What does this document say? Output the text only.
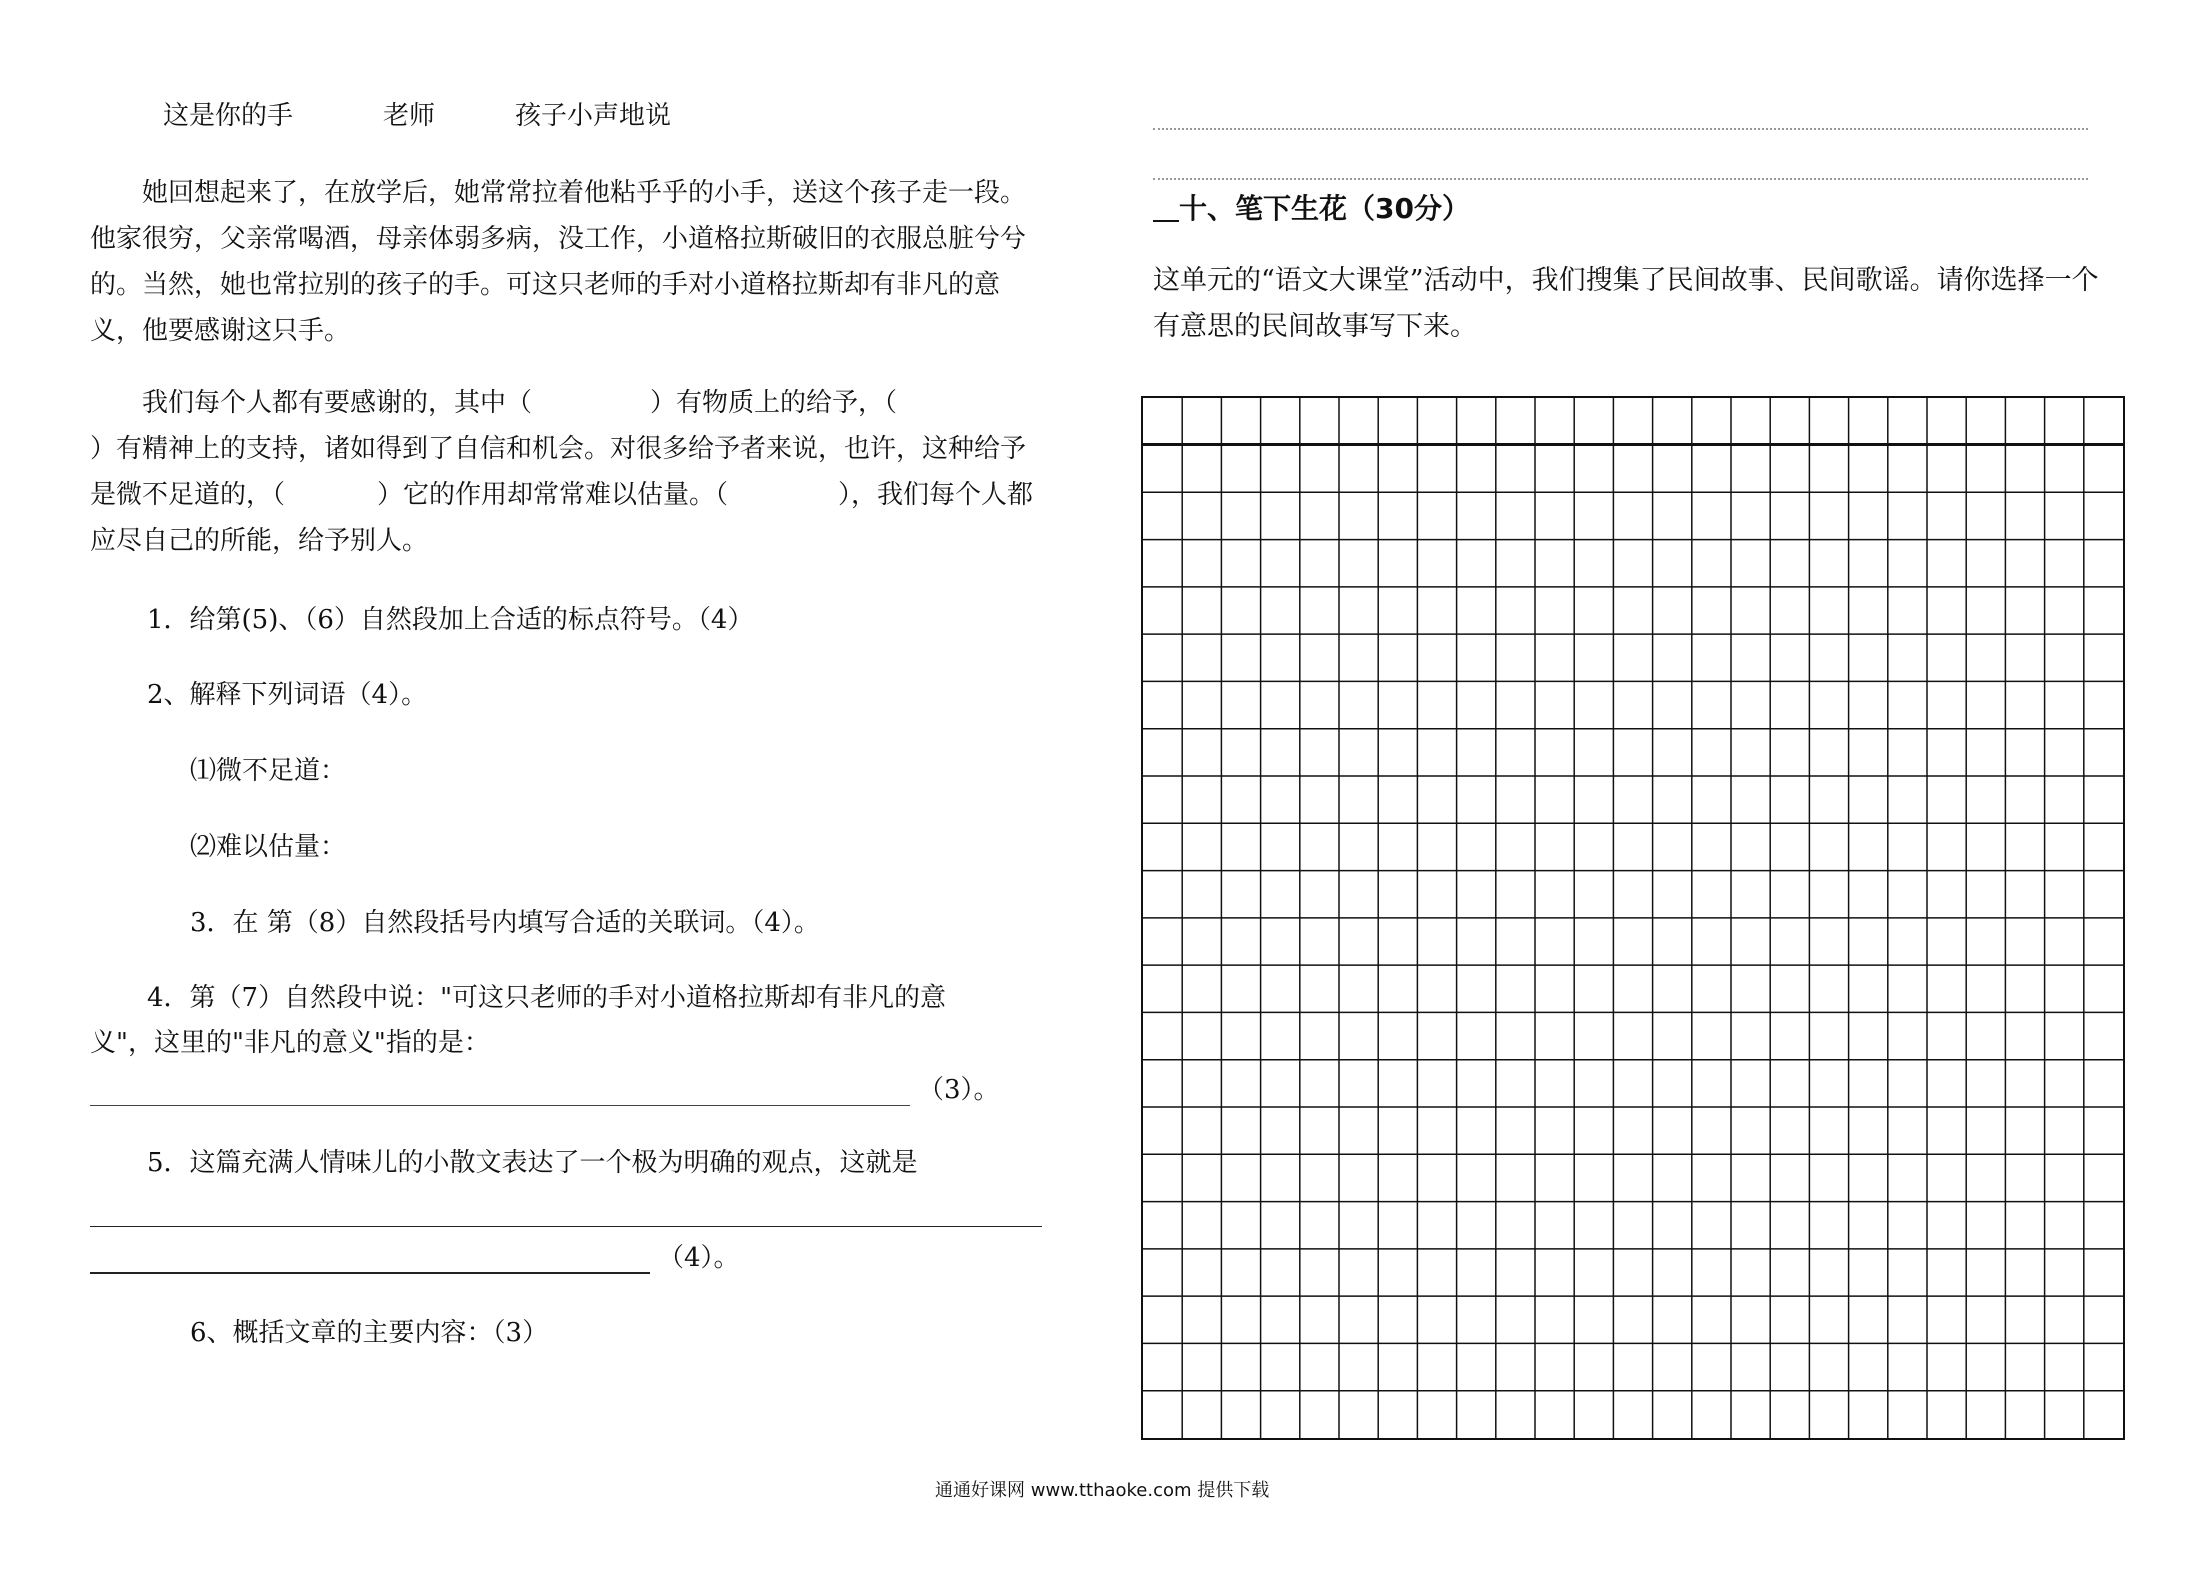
这是你的手	老师	孩子小声地说

她回想起来了，在放学后，她常常拉着他粘乎乎的小手，送这个孩子走一段。他家很穷，父亲常喝酒，母亲体弱多病，没工作，小道格拉斯破旧的衣服总脏兮兮的。当然，她也常拉别的孩子的手。可这只老师的手对小道格拉斯却有非凡的意义，他要感谢这只手。

我们每个人都有要感谢的，其中（	）有物质上的给予，（）有精神上的支持，诸如得到了自信和机会。对很多给予者来说，也许，这种给予是微不足道的，（	）它的作用却常常难以估量。（	），我们每个人都应尽自己的所能，给予别人。

1．给第(5)、（6）自然段加上合适的标点符号。（4）
2、解释下列词语（4）。
⑴微不足道：
⑵难以估量：
3．在 第（8）自然段括号内填写合适的关联词。（4）。
4．第（7）自然段中说："可这只老师的手对小道格拉斯却有非凡的意
义"，这里的"非凡的意义"指的是：
（3）。
5．这篇充满人情味儿的小散文表达了一个极为明确的观点，这就是
（4）。
6、概括文章的主要内容：（3）
十、笔下生花（30分）
这单元的“语文大课堂”活动中，我们搜集了民间故事、民间歌谣。请你选择一个有意思的民间故事写下来。
通通好课网 www.tthaoke.com 提供下载
